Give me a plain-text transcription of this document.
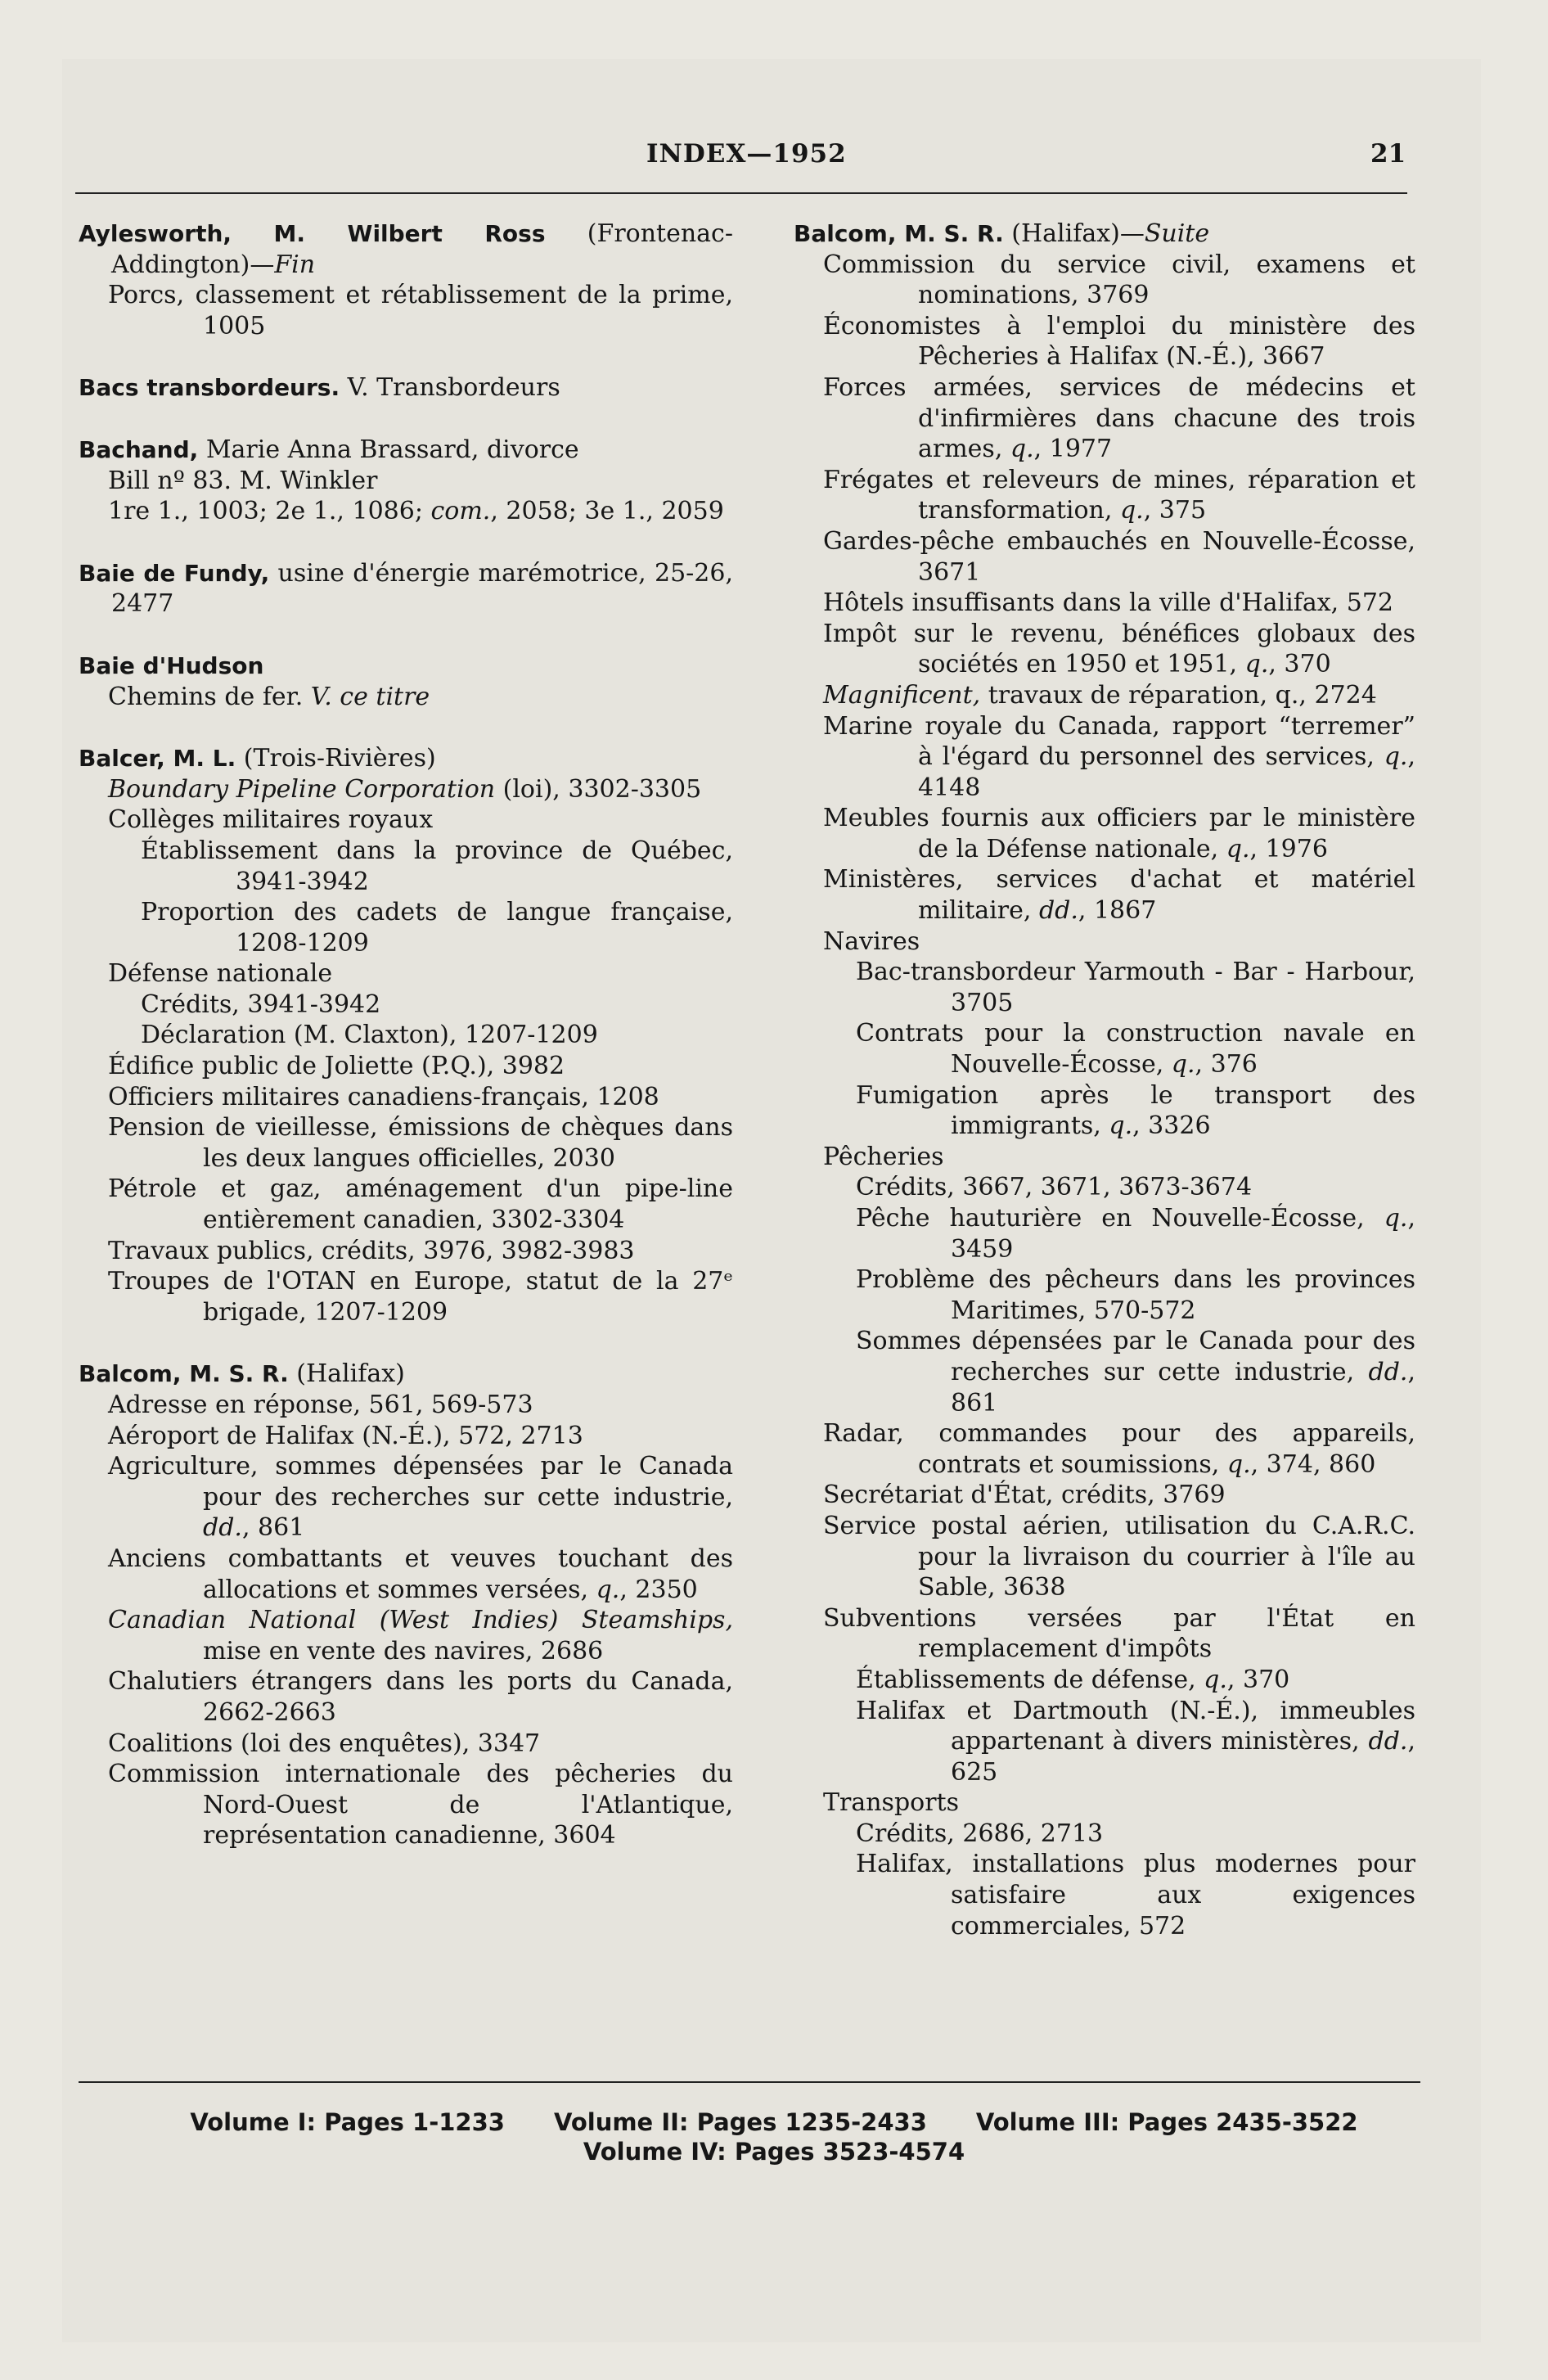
INDEX—1952	21
Aylesworth, M. Wilbert Ross (Frontenac-Addington)—Fin
Porcs, classement et rétablissement de la prime, 1005
Bacs transbordeurs. V. Transbordeurs
Bachand, Marie Anna Brassard, divorce
Bill nº 83. M. Winkler
1re 1., 1003; 2e 1., 1086; com., 2058; 3e 1., 2059
Baie de Fundy, usine d'énergie marémotrice, 25-26, 2477
Baie d'Hudson
Chemins de fer. V. ce titre
Balcer, M. L. (Trois-Rivières)
Boundary Pipeline Corporation (loi), 3302-3305
Collèges militaires royaux
Établissement dans la province de Québec, 3941-3942
Proportion des cadets de langue française, 1208-1209
Défense nationale
Crédits, 3941-3942
Déclaration (M. Claxton), 1207-1209
Édifice public de Joliette (P.Q.), 3982
Officiers militaires canadiens-français, 1208
Pension de vieillesse, émissions de chèques dans les deux langues officielles, 2030
Pétrole et gaz, aménagement d'un pipe-line entièrement canadien, 3302-3304
Travaux publics, crédits, 3976, 3982-3983
Troupes de l'OTAN en Europe, statut de la 27ᵉ brigade, 1207-1209
Balcom, M. S. R. (Halifax)
Adresse en réponse, 561, 569-573
Aéroport de Halifax (N.-É.), 572, 2713
Agriculture, sommes dépensées par le Canada pour des recherches sur cette industrie, dd., 861
Anciens combattants et veuves touchant des allocations et sommes versées, q., 2350
Canadian National (West Indies) Steamships, mise en vente des navires, 2686
Chalutiers étrangers dans les ports du Canada, 2662-2663
Coalitions (loi des enquêtes), 3347
Commission internationale des pêcheries du Nord-Ouest de l'Atlantique, représentation canadienne, 3604
Balcom, M. S. R. (Halifax)—Suite
Commission du service civil, examens et nominations, 3769
Économistes à l'emploi du ministère des Pêcheries à Halifax (N.-É.), 3667
Forces armées, services de médecins et d'infirmières dans chacune des trois armes, q., 1977
Frégates et releveurs de mines, réparation et transformation, q., 375
Gardes-pêche embauchés en Nouvelle-Écosse, 3671
Hôtels insuffisants dans la ville d'Halifax, 572
Impôt sur le revenu, bénéfices globaux des sociétés en 1950 et 1951, q., 370
Magnificent, travaux de réparation, q., 2724
Marine royale du Canada, rapport “terremer” à l'égard du personnel des services, q., 4148
Meubles fournis aux officiers par le ministère de la Défense nationale, q., 1976
Ministères, services d'achat et matériel militaire, dd., 1867
Navires
Bac-transbordeur Yarmouth - Bar - Harbour, 3705
Contrats pour la construction navale en Nouvelle-Écosse, q., 376
Fumigation après le transport des immigrants, q., 3326
Pêcheries
Crédits, 3667, 3671, 3673-3674
Pêche hauturière en Nouvelle-Écosse, q., 3459
Problème des pêcheurs dans les provinces Maritimes, 570-572
Sommes dépensées par le Canada pour des recherches sur cette industrie, dd., 861
Radar, commandes pour des appareils, contrats et soumissions, q., 374, 860
Secrétariat d'État, crédits, 3769
Service postal aérien, utilisation du C.A.R.C. pour la livraison du courrier à l'île au Sable, 3638
Subventions versées par l'État en remplacement d'impôts
Établissements de défense, q., 370
Halifax et Dartmouth (N.-É.), immeubles appartenant à divers ministères, dd., 625
Transports
Crédits, 2686, 2713
Halifax, installations plus modernes pour satisfaire aux exigences commerciales, 572
Volume I: Pages 1-1233 Volume II: Pages 1235-2433 Volume III: Pages 2435-3522
Volume IV: Pages 3523-4574
